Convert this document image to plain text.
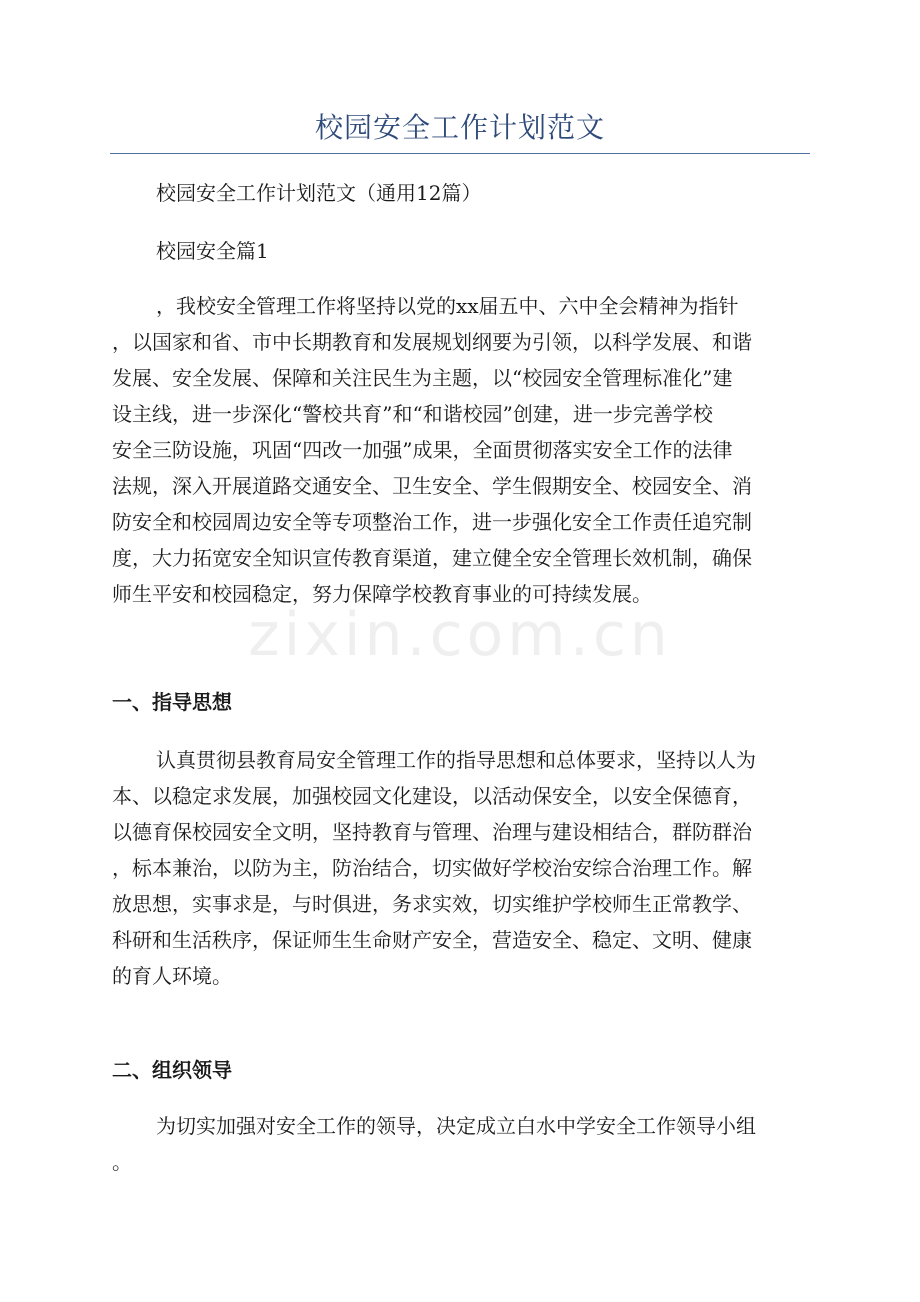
校园安全工作计划范文

校园安全工作计划范文（通用12篇）

校园安全篇1

，我校安全管理工作将坚持以党的xx届五中、六中全会精神为指针
，以国家和省、市中长期教育和发展规划纲要为引领，以科学发展、和谐
发展、安全发展、保障和关注民生为主题，以“校园安全管理标准化”建
设主线，进一步深化“警校共育”和“和谐校园”创建，进一步完善学校
安全三防设施，巩固“四改一加强”成果，全面贯彻落实安全工作的法律
法规，深入开展道路交通安全、卫生安全、学生假期安全、校园安全、消
防安全和校园周边安全等专项整治工作，进一步强化安全工作责任追究制
度，大力拓宽安全知识宣传教育渠道，建立健全安全管理长效机制，确保
师生平安和校园稳定，努力保障学校教育事业的可持续发展。

一、指导思想

认真贯彻县教育局安全管理工作的指导思想和总体要求，坚持以人为
本、以稳定求发展，加强校园文化建设，以活动保安全，以安全保德育，
以德育保校园安全文明，坚持教育与管理、治理与建设相结合，群防群治
，标本兼治，以防为主，防治结合，切实做好学校治安综合治理工作。解
放思想，实事求是，与时俱进，务求实效，切实维护学校师生正常教学、
科研和生活秩序，保证师生生命财产安全，营造安全、稳定、文明、健康
的育人环境。

二、组织领导

为切实加强对安全工作的领导，决定成立白水中学安全工作领导小组
。

zixin.com.cn
